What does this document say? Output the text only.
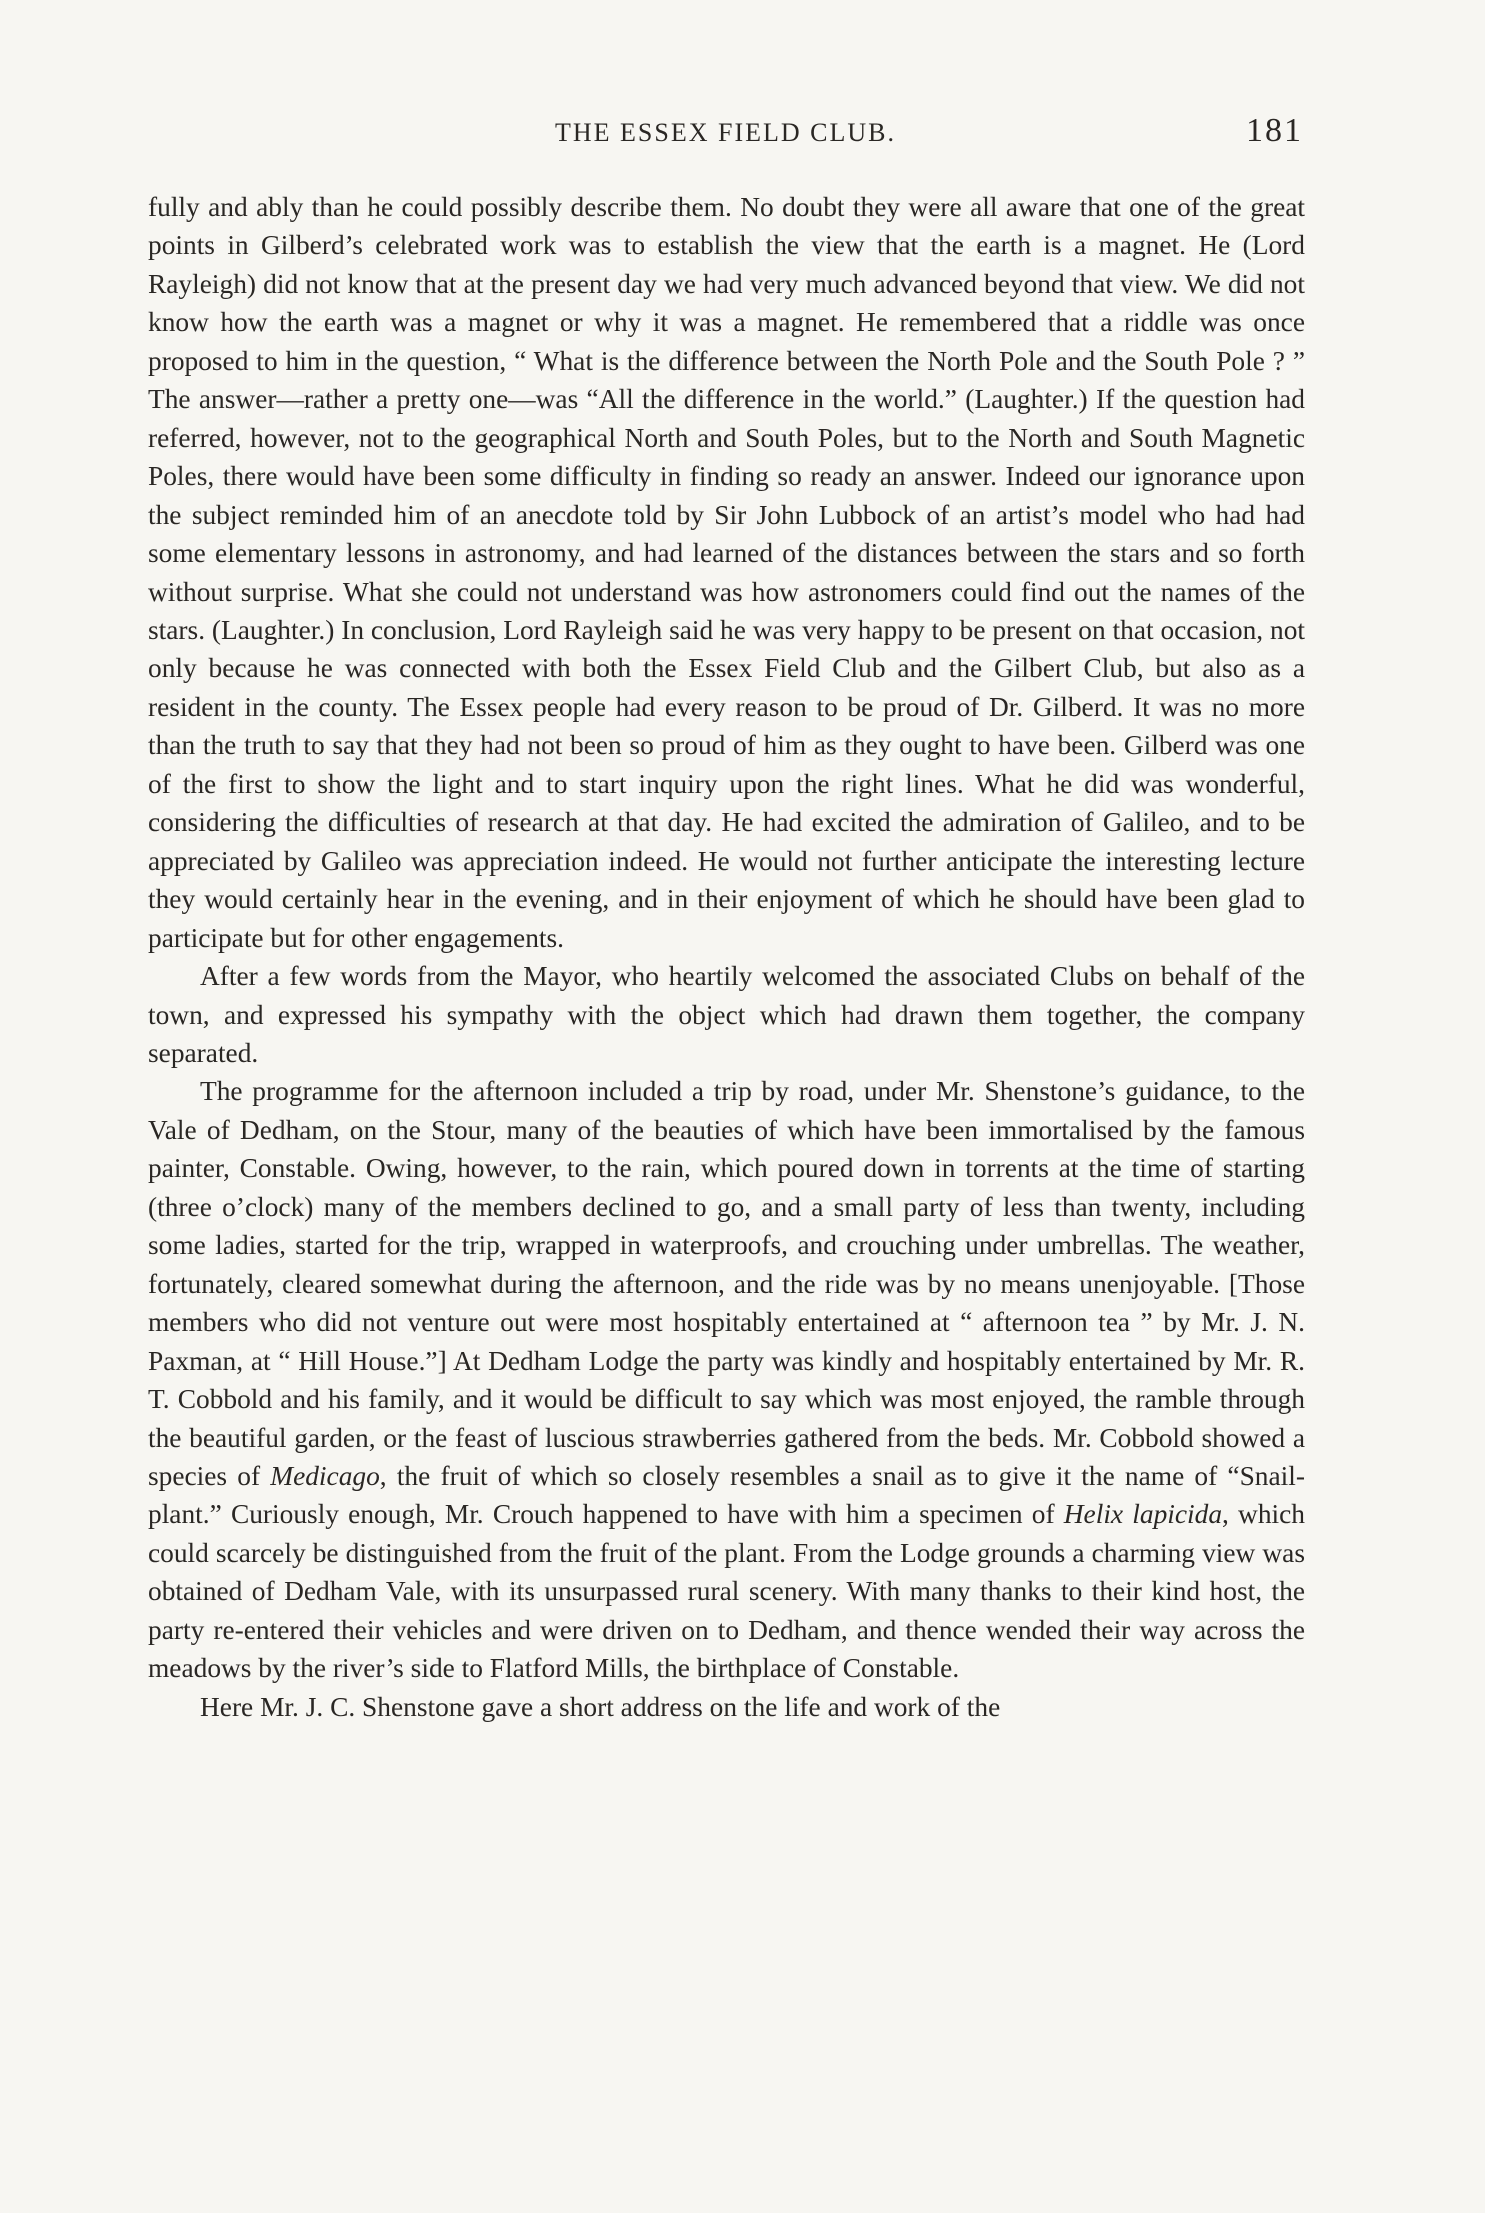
THE ESSEX FIELD CLUB.	181

fully and ably than he could possibly describe them. No doubt they were all aware that one of the great points in Gilberd’s celebrated work was to establish the view that the earth is a magnet. He (Lord Rayleigh) did not know that at the present day we had very much advanced beyond that view. We did not know how the earth was a magnet or why it was a magnet. He remembered that a riddle was once proposed to him in the question, “ What is the difference between the North Pole and the South Pole ? ” The answer—rather a pretty one—was “All the difference in the world.” (Laughter.) If the question had referred, however, not to the geographical North and South Poles, but to the North and South Magnetic Poles, there would have been some difficulty in finding so ready an answer. Indeed our ignorance upon the subject reminded him of an anecdote told by Sir John Lubbock of an artist’s model who had had some elementary lessons in astronomy, and had learned of the distances between the stars and so forth without surprise. What she could not understand was how astronomers could find out the names of the stars. (Laughter.) In conclusion, Lord Rayleigh said he was very happy to be present on that occasion, not only because he was connected with both the Essex Field Club and the Gilbert Club, but also as a resident in the county. The Essex people had every reason to be proud of Dr. Gilberd. It was no more than the truth to say that they had not been so proud of him as they ought to have been. Gilberd was one of the first to show the light and to start inquiry upon the right lines. What he did was wonderful, considering the difficulties of research at that day. He had excited the admiration of Galileo, and to be appreciated by Galileo was appreciation indeed. He would not further anticipate the interesting lecture they would certainly hear in the evening, and in their enjoyment of which he should have been glad to participate but for other engagements.

After a few words from the Mayor, who heartily welcomed the associated Clubs on behalf of the town, and expressed his sympathy with the object which had drawn them together, the company separated.

The programme for the afternoon included a trip by road, under Mr. Shenstone’s guidance, to the Vale of Dedham, on the Stour, many of the beauties of which have been immortalised by the famous painter, Constable. Owing, however, to the rain, which poured down in torrents at the time of starting (three o’clock) many of the members declined to go, and a small party of less than twenty, including some ladies, started for the trip, wrapped in waterproofs, and crouching under umbrellas. The weather, fortunately, cleared somewhat during the afternoon, and the ride was by no means unenjoyable. [Those members who did not venture out were most hospitably entertained at “ afternoon tea ” by Mr. J. N. Paxman, at “ Hill House.”] At Dedham Lodge the party was kindly and hospitably entertained by Mr. R. T. Cobbold and his family, and it would be difficult to say which was most enjoyed, the ramble through the beautiful garden, or the feast of luscious strawberries gathered from the beds. Mr. Cobbold showed a species of Medicago, the fruit of which so closely resembles a snail as to give it the name of “Snail-plant.” Curiously enough, Mr. Crouch happened to have with him a specimen of Helix lapicida, which could scarcely be distinguished from the fruit of the plant. From the Lodge grounds a charming view was obtained of Dedham Vale, with its unsurpassed rural scenery. With many thanks to their kind host, the party re-entered their vehicles and were driven on to Dedham, and thence wended their way across the meadows by the river’s side to Flatford Mills, the birthplace of Constable.

Here Mr. J. C. Shenstone gave a short address on the life and work of the
